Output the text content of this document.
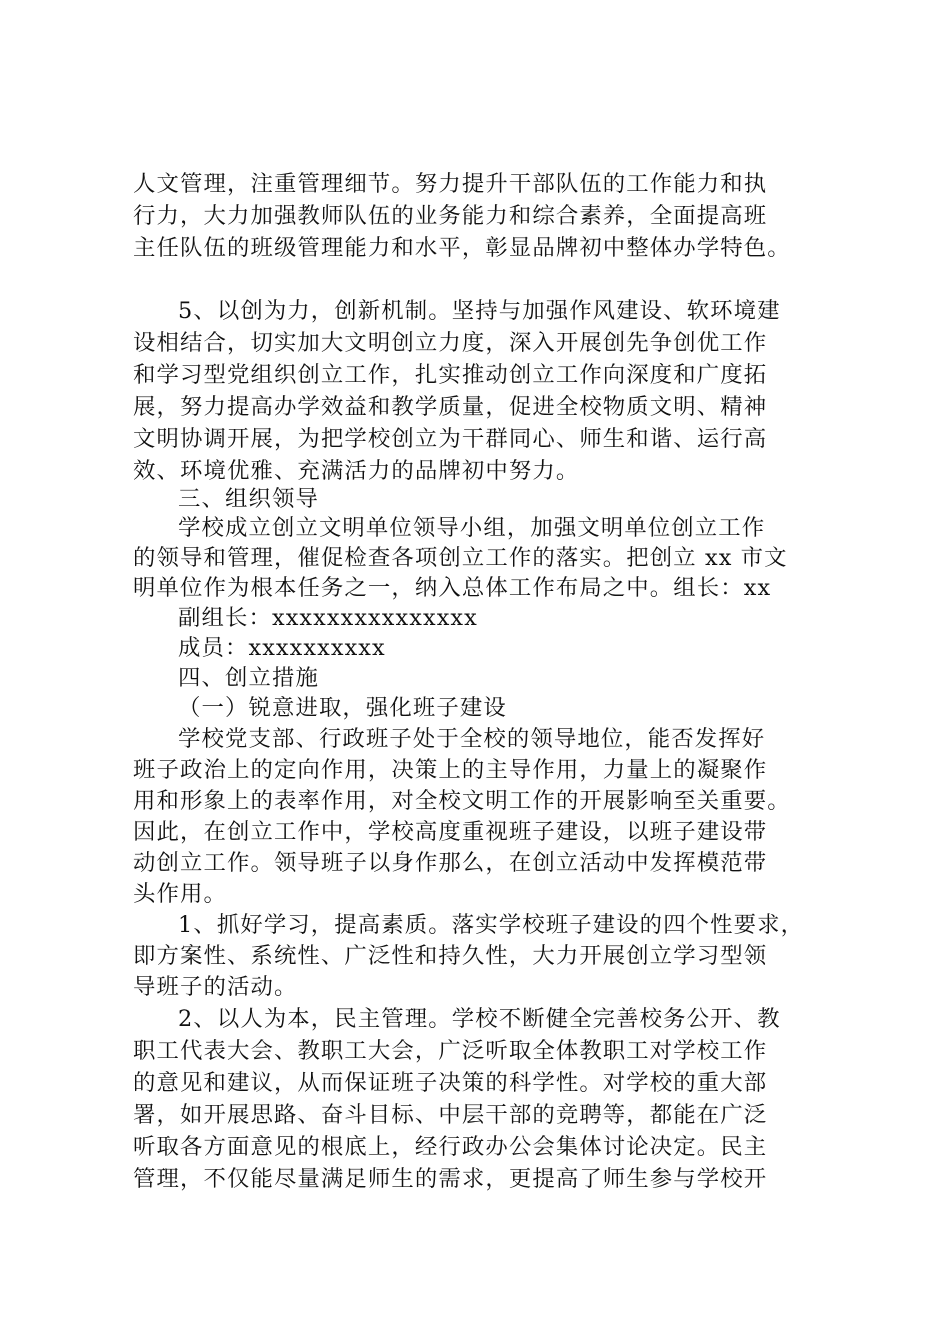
人文管理，注重管理细节。努力提升干部队伍的工作能力和执
行力，大力加强教师队伍的业务能力和综合素养，全面提高班
主任队伍的班级管理能力和水平，彰显品牌初中整体办学特色。
5、以创为力，创新机制。坚持与加强作风建设、软环境建
设相结合，切实加大文明创立力度，深入开展创先争创优工作
和学习型党组织创立工作，扎实推动创立工作向深度和广度拓
展，努力提高办学效益和教学质量，促进全校物质文明、精神
文明协调开展，为把学校创立为干群同心、师生和谐、运行高
效、环境优雅、充满活力的品牌初中努力。
三、组织领导
学校成立创立文明单位领导小组，加强文明单位创立工作
的领导和管理，催促检查各项创立工作的落实。把创立 xx 市文
明单位作为根本任务之一，纳入总体工作布局之中。组长：xx
副组长：xxxxxxxxxxxxxxx
成员：xxxxxxxxxx
四、创立措施
（一）锐意进取，强化班子建设
学校党支部、行政班子处于全校的领导地位，能否发挥好
班子政治上的定向作用，决策上的主导作用，力量上的凝聚作
用和形象上的表率作用，对全校文明工作的开展影响至关重要。
因此，在创立工作中，学校高度重视班子建设，以班子建设带
动创立工作。领导班子以身作那么，在创立活动中发挥模范带
头作用。
1、抓好学习，提高素质。落实学校班子建设的四个性要求，
即方案性、系统性、广泛性和持久性，大力开展创立学习型领
导班子的活动。
2、以人为本，民主管理。学校不断健全完善校务公开、教
职工代表大会、教职工大会，广泛听取全体教职工对学校工作
的意见和建议，从而保证班子决策的科学性。对学校的重大部
署，如开展思路、奋斗目标、中层干部的竞聘等，都能在广泛
听取各方面意见的根底上，经行政办公会集体讨论决定。民主
管理，不仅能尽量满足师生的需求，更提高了师生参与学校开
